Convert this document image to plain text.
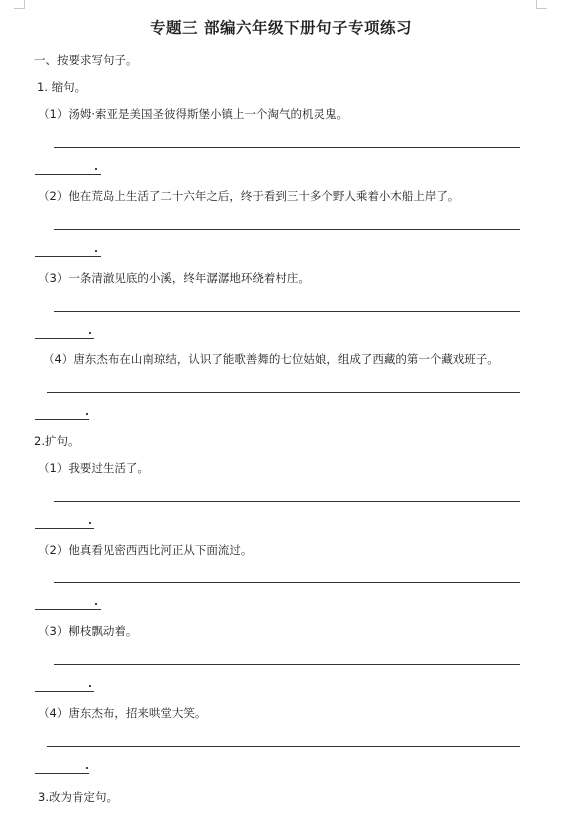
专题三 部编六年级下册句子专项练习
一、按要求写句子。
1. 缩句。
（1）汤姆·索亚是美国圣彼得斯堡小镇上一个淘气的机灵鬼。
（2）他在荒岛上生活了二十六年之后，终于看到三十多个野人乘着小木船上岸了。
（3）一条清澈见底的小溪，终年潺潺地环绕着村庄。
（4）唐东杰布在山南琼结，认识了能歌善舞的七位姑娘，组成了西藏的第一个藏戏班子。
2.扩句。
（1）我要过生活了。
（2）他真看见密西西比河正从下面流过。
（3）柳枝飘动着。
（4）唐东杰布，招来哄堂大笑。
3.改为肯定句。
